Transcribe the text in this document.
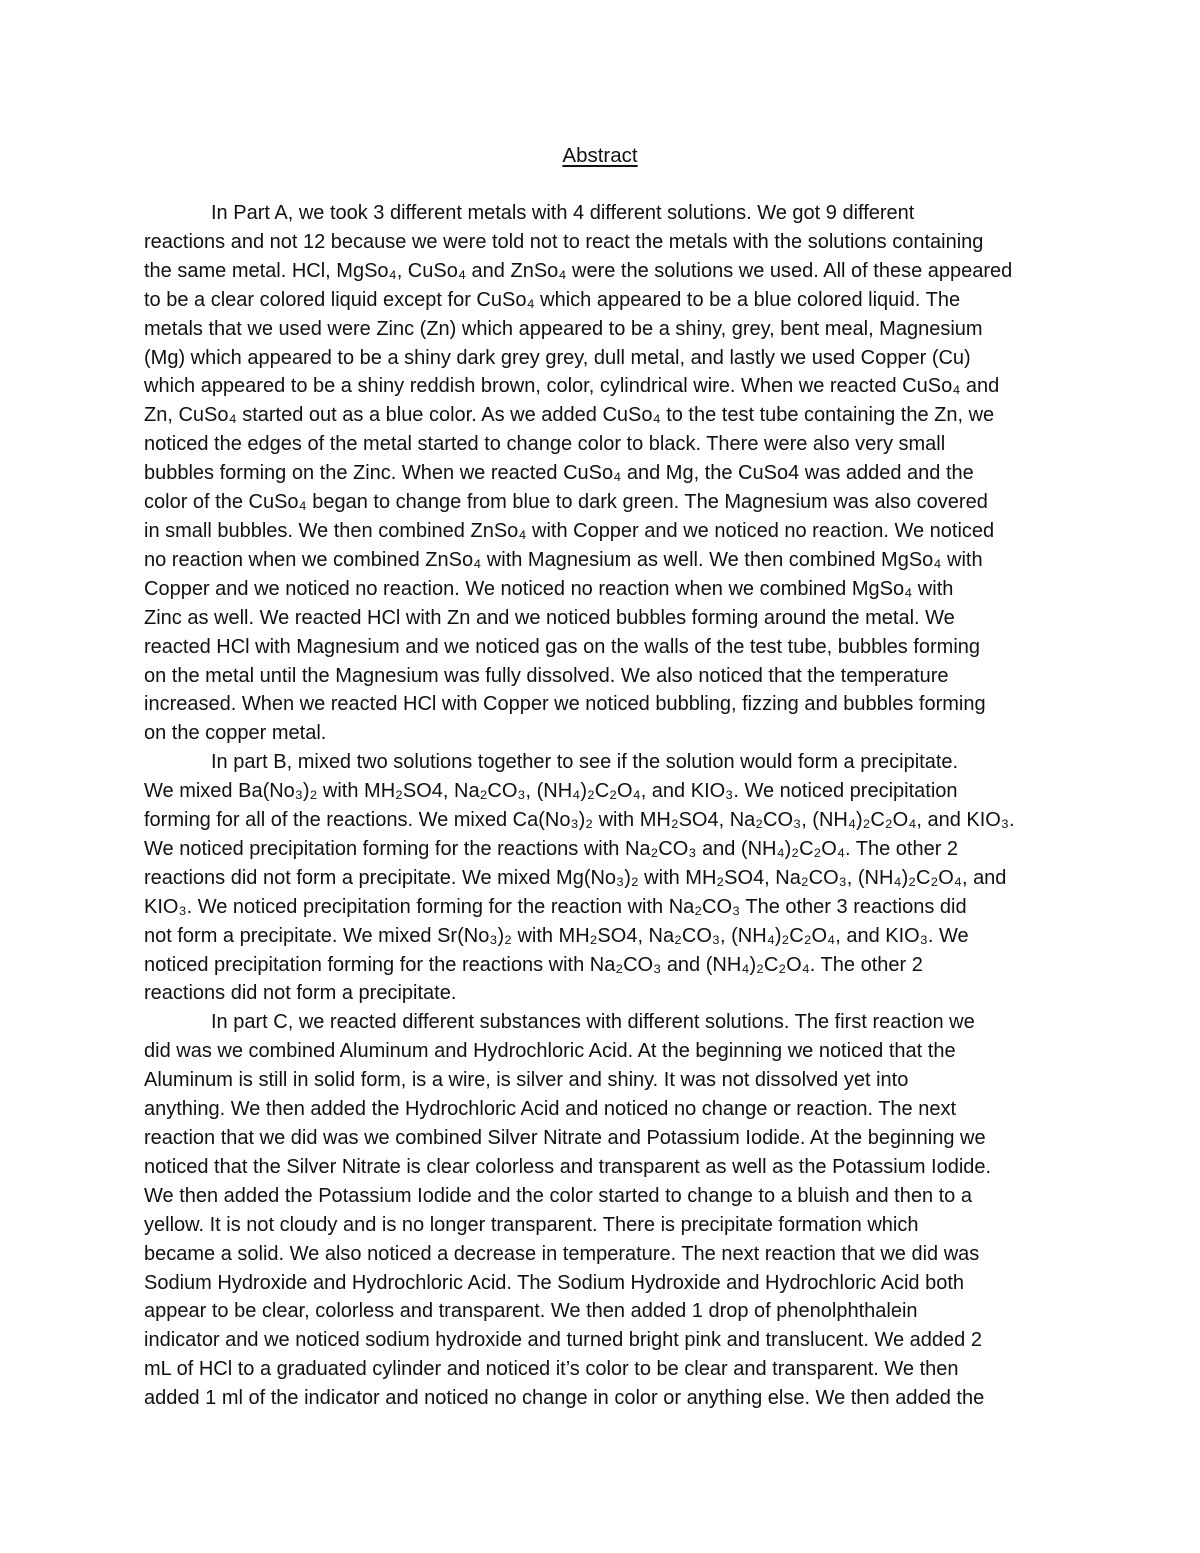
Abstract

In Part A, we took 3 different metals with 4 different solutions. We got 9 different
reactions and not 12 because we were told not to react the metals with the solutions containing
the same metal. HCl, MgSo₄, CuSo₄ and ZnSo₄ were the solutions we used. All of these appeared
to be a clear colored liquid except for CuSo₄ which appeared to be a blue colored liquid. The
metals that we used were Zinc (Zn) which appeared to be a shiny, grey, bent meal, Magnesium
(Mg) which appeared to be a shiny dark grey grey, dull metal, and lastly we used Copper (Cu)
which appeared to be a shiny reddish brown, color, cylindrical wire. When we reacted CuSo₄ and
Zn, CuSo₄ started out as a blue color. As we added CuSo₄ to the test tube containing the Zn, we
noticed the edges of the metal started to change color to black. There were also very small
bubbles forming on the Zinc. When we reacted CuSo₄ and Mg, the CuSo4 was added and the
color of the CuSo₄ began to change from blue to dark green. The Magnesium was also covered
in small bubbles. We then combined ZnSo₄ with Copper and we noticed no reaction. We noticed
no reaction when we combined ZnSo₄ with Magnesium as well. We then combined MgSo₄ with
Copper and we noticed no reaction. We noticed no reaction when we combined MgSo₄ with
Zinc as well. We reacted HCl with Zn and we noticed bubbles forming around the metal. We
reacted HCl with Magnesium and we noticed gas on the walls of the test tube, bubbles forming
on the metal until the Magnesium was fully dissolved. We also noticed that the temperature
increased. When we reacted HCl with Copper we noticed bubbling, fizzing and bubbles forming
on the copper metal.

In part B, mixed two solutions together to see if the solution would form a precipitate.
We mixed Ba(No₃)₂ with MH₂SO4, Na₂CO₃, (NH₄)₂C₂O₄, and KIO₃. We noticed precipitation
forming for all of the reactions. We mixed Ca(No₃)₂ with MH₂SO4, Na₂CO₃, (NH₄)₂C₂O₄, and KIO₃.
We noticed precipitation forming for the reactions with Na₂CO₃ and (NH₄)₂C₂O₄. The other 2
reactions did not form a precipitate. We mixed Mg(No₃)₂ with MH₂SO4, Na₂CO₃, (NH₄)₂C₂O₄, and
KIO₃. We noticed precipitation forming for the reaction with Na₂CO₃ The other 3 reactions did
not form a precipitate. We mixed Sr(No₃)₂ with MH₂SO4, Na₂CO₃, (NH₄)₂C₂O₄, and KIO₃. We
noticed precipitation forming for the reactions with Na₂CO₃ and (NH₄)₂C₂O₄. The other 2
reactions did not form a precipitate.

In part C, we reacted different substances with different solutions. The first reaction we
did was we combined Aluminum and Hydrochloric Acid. At the beginning we noticed that the
Aluminum is still in solid form, is a wire, is silver and shiny. It was not dissolved yet into
anything. We then added the Hydrochloric Acid and noticed no change or reaction. The next
reaction that we did was we combined Silver Nitrate and Potassium Iodide. At the beginning we
noticed that the Silver Nitrate is clear colorless and transparent as well as the Potassium Iodide.
We then added the Potassium Iodide and the color started to change to a bluish and then to a
yellow. It is not cloudy and is no longer transparent. There is precipitate formation which
became a solid. We also noticed a decrease in temperature. The next reaction that we did was
Sodium Hydroxide and Hydrochloric Acid. The Sodium Hydroxide and Hydrochloric Acid both
appear to be clear, colorless and transparent. We then added 1 drop of phenolphthalein
indicator and we noticed sodium hydroxide and turned bright pink and translucent. We added 2
mL of HCl to a graduated cylinder and noticed it’s color to be clear and transparent. We then
added 1 ml of the indicator and noticed no change in color or anything else. We then added the
